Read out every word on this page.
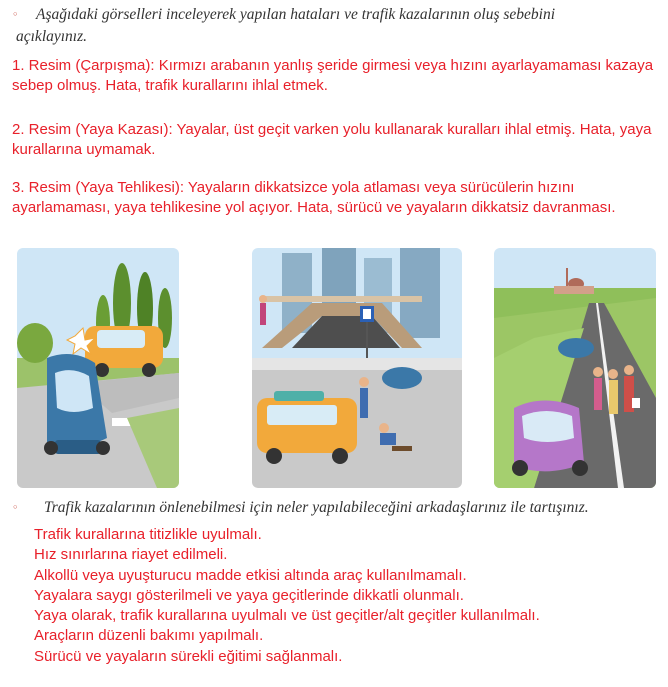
◦	Aşağıdaki görselleri inceleyerek yapılan hataları ve trafik kazalarının oluş sebebini
açıklayınız.
1. Resim (Çarpışma): Kırmızı arabanın yanlış şeride girmesi veya hızını ayarlayamaması kazaya sebep olmuş. Hata, trafik kurallarını ihlal etmek.
2. Resim (Yaya Kazası): Yayalar, üst geçit varken yolu kullanarak kuralları ihlal etmiş. Hata, yaya kurallarına uymamak.
3. Resim (Yaya Tehlikesi): Yayaların dikkatsizce yola atlaması veya sürücülerin hızını ayarlamaması, yaya tehlikesine yol açıyor. Hata, sürücü ve yayaların dikkatsiz davranması.
◦	Trafik kazalarının önlenebilmesi için neler yapılabileceğini arkadaşlarınız ile tartışınız.
Trafik kurallarına titizlikle uyulmalı.
Hız sınırlarına riayet edilmeli.
Alkollü veya uyuşturucu madde etkisi altında araç kullanılmamalı.
Yayalara saygı gösterilmeli ve yaya geçitlerinde dikkatli olunmalı.
Yaya olarak, trafik kurallarına uyulmalı ve üst geçitler/alt geçitler kullanılmalı.
Araçların düzenli bakımı yapılmalı.
Sürücü ve yayaların sürekli eğitimi sağlanmalı.
